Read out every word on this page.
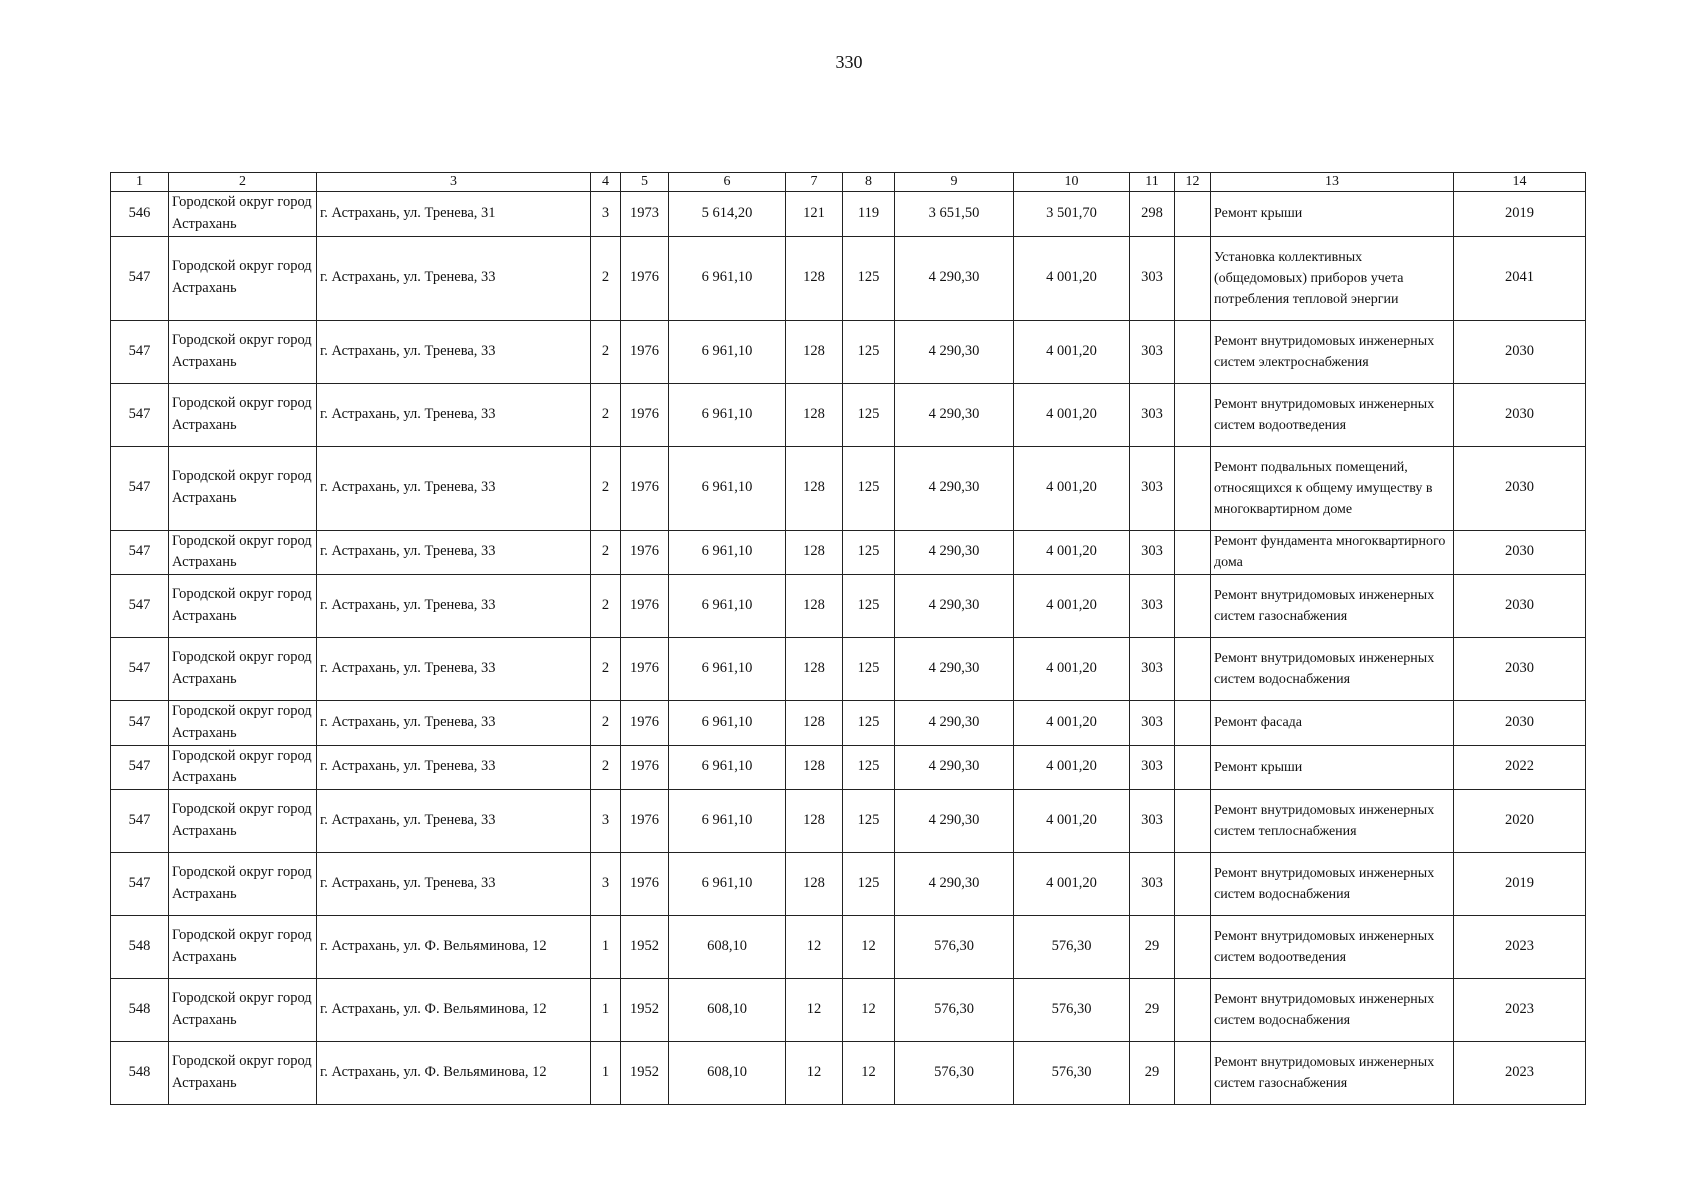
330
1	2	3	4	5	6	7	8	9	10	11	12	13	14
546	Городской округ город Астрахань	г. Астрахань, ул. Тренева, 31	3	1973	5 614,20	121	119	3 651,50	3 501,70	298		Ремонт крыши	2019
547	Городской округ город Астрахань	г. Астрахань, ул. Тренева, 33	2	1976	6 961,10	128	125	4 290,30	4 001,20	303		Установка коллективных (общедомовых) приборов учета потребления тепловой энергии	2041
547	Городской округ город Астрахань	г. Астрахань, ул. Тренева, 33	2	1976	6 961,10	128	125	4 290,30	4 001,20	303		Ремонт внутридомовых инженерных систем электроснабжения	2030
547	Городской округ город Астрахань	г. Астрахань, ул. Тренева, 33	2	1976	6 961,10	128	125	4 290,30	4 001,20	303		Ремонт внутридомовых инженерных систем водоотведения	2030
547	Городской округ город Астрахань	г. Астрахань, ул. Тренева, 33	2	1976	6 961,10	128	125	4 290,30	4 001,20	303		Ремонт подвальных помещений, относящихся к общему имуществу в многоквартирном доме	2030
547	Городской округ город Астрахань	г. Астрахань, ул. Тренева, 33	2	1976	6 961,10	128	125	4 290,30	4 001,20	303		Ремонт фундамента многоквартирного дома	2030
547	Городской округ город Астрахань	г. Астрахань, ул. Тренева, 33	2	1976	6 961,10	128	125	4 290,30	4 001,20	303		Ремонт внутридомовых инженерных систем газоснабжения	2030
547	Городской округ город Астрахань	г. Астрахань, ул. Тренева, 33	2	1976	6 961,10	128	125	4 290,30	4 001,20	303		Ремонт внутридомовых инженерных систем водоснабжения	2030
547	Городской округ город Астрахань	г. Астрахань, ул. Тренева, 33	2	1976	6 961,10	128	125	4 290,30	4 001,20	303		Ремонт фасада	2030
547	Городской округ город Астрахань	г. Астрахань, ул. Тренева, 33	2	1976	6 961,10	128	125	4 290,30	4 001,20	303		Ремонт крыши	2022
547	Городской округ город Астрахань	г. Астрахань, ул. Тренева, 33	3	1976	6 961,10	128	125	4 290,30	4 001,20	303		Ремонт внутридомовых инженерных систем теплоснабжения	2020
547	Городской округ город Астрахань	г. Астрахань, ул. Тренева, 33	3	1976	6 961,10	128	125	4 290,30	4 001,20	303		Ремонт внутридомовых инженерных систем водоснабжения	2019
548	Городской округ город Астрахань	г. Астрахань, ул. Ф. Вельяминова, 12	1	1952	608,10	12	12	576,30	576,30	29		Ремонт внутридомовых инженерных систем водоотведения	2023
548	Городской округ город Астрахань	г. Астрахань, ул. Ф. Вельяминова, 12	1	1952	608,10	12	12	576,30	576,30	29		Ремонт внутридомовых инженерных систем водоснабжения	2023
548	Городской округ город Астрахань	г. Астрахань, ул. Ф. Вельяминова, 12	1	1952	608,10	12	12	576,30	576,30	29		Ремонт внутридомовых инженерных систем газоснабжения	2023
